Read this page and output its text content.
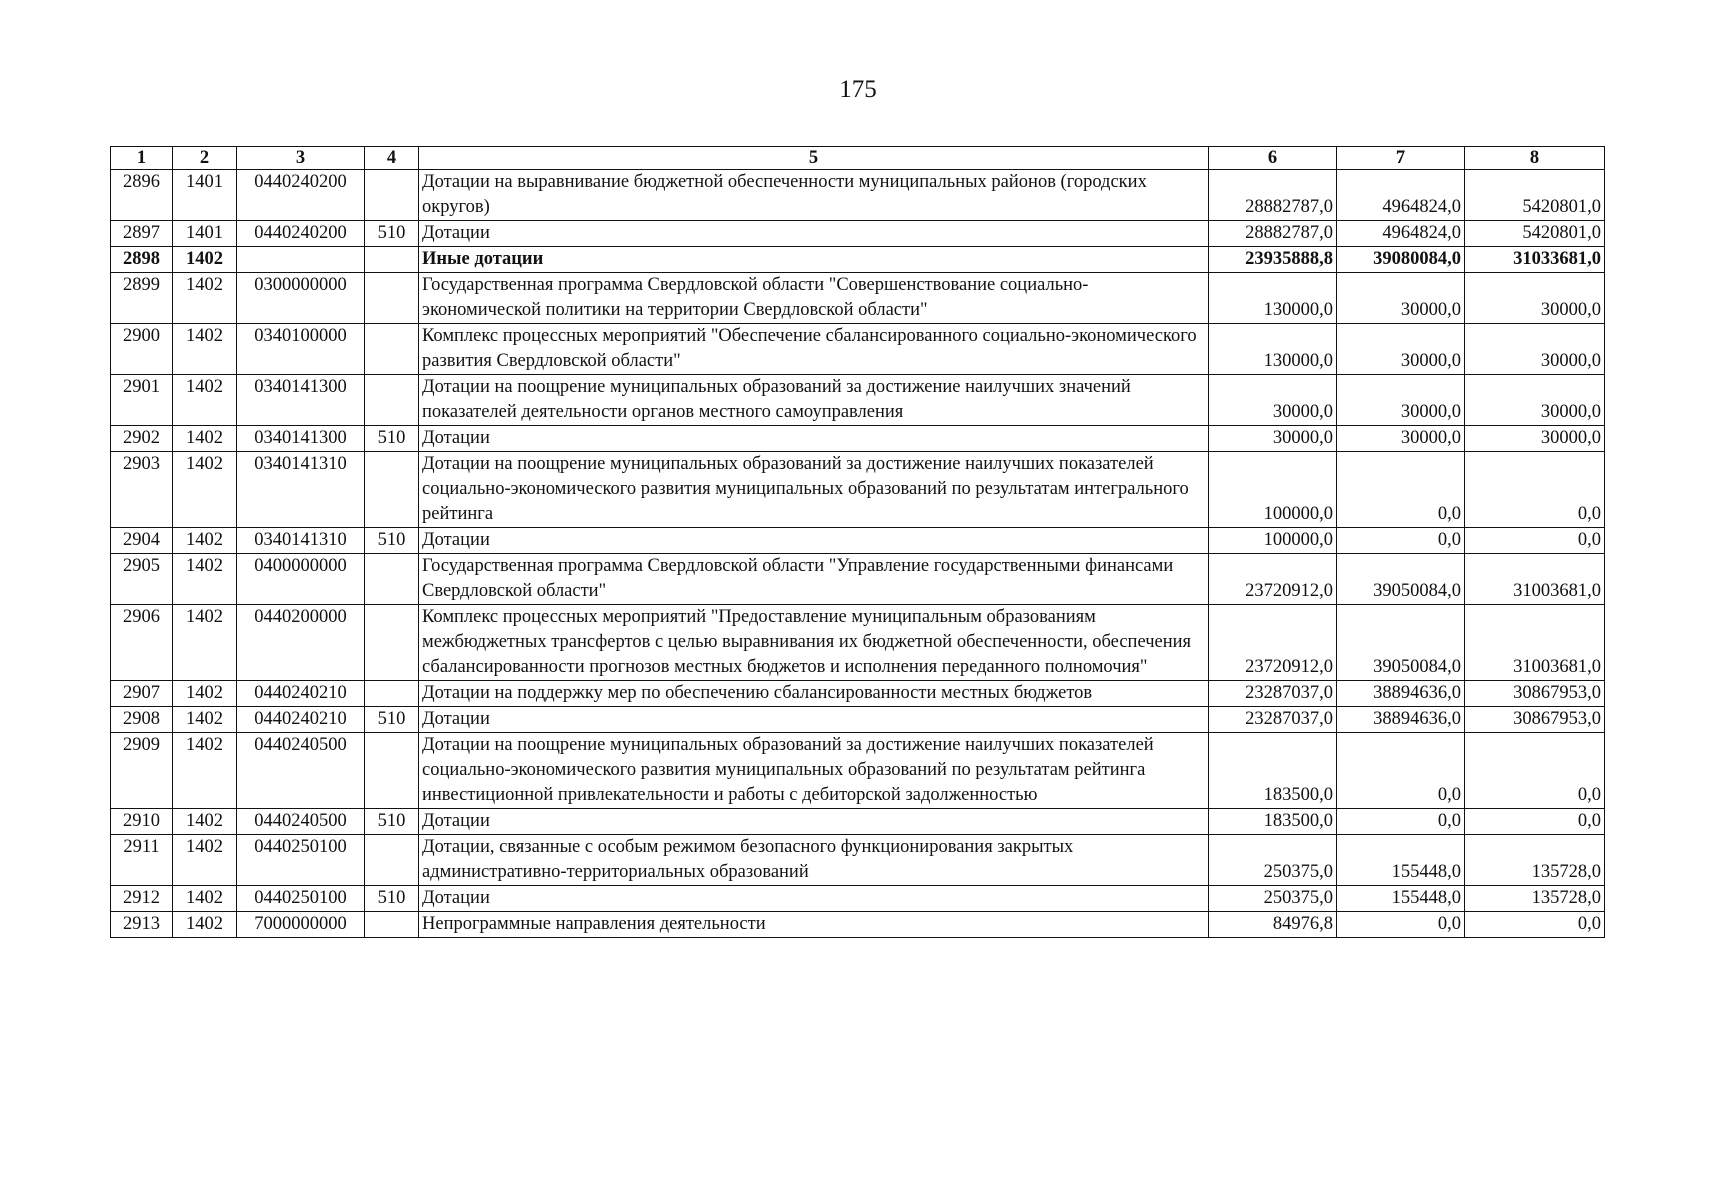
175
1	2	3	4	5	6	7	8
2896	1401	0440240200		Дотации на выравнивание бюджетной обеспеченности муниципальных районов (городских округов)	28882787,0	4964824,0	5420801,0
2897	1401	0440240200	510	Дотации	28882787,0	4964824,0	5420801,0
2898	1402			Иные дотации	23935888,8	39080084,0	31033681,0
2899	1402	0300000000		Государственная программа Свердловской области "Совершенствование социально-экономической политики на территории Свердловской области"	130000,0	30000,0	30000,0
2900	1402	0340100000		Комплекс процессных мероприятий "Обеспечение сбалансированного социально-экономического развития Свердловской области"	130000,0	30000,0	30000,0
2901	1402	0340141300		Дотации на поощрение муниципальных образований за достижение наилучших значений показателей деятельности органов местного самоуправления	30000,0	30000,0	30000,0
2902	1402	0340141300	510	Дотации	30000,0	30000,0	30000,0
2903	1402	0340141310		Дотации на поощрение муниципальных образований за достижение наилучших показателей социально-экономического развития муниципальных образований по результатам интегрального рейтинга	100000,0	0,0	0,0
2904	1402	0340141310	510	Дотации	100000,0	0,0	0,0
2905	1402	0400000000		Государственная программа Свердловской области "Управление государственными финансами Свердловской области"	23720912,0	39050084,0	31003681,0
2906	1402	0440200000		Комплекс процессных мероприятий "Предоставление муниципальным образованиям межбюджетных трансфертов с целью выравнивания их бюджетной обеспеченности, обеспечения сбалансированности прогнозов местных бюджетов и исполнения переданного полномочия"	23720912,0	39050084,0	31003681,0
2907	1402	0440240210		Дотации на поддержку мер по обеспечению сбалансированности местных бюджетов	23287037,0	38894636,0	30867953,0
2908	1402	0440240210	510	Дотации	23287037,0	38894636,0	30867953,0
2909	1402	0440240500		Дотации на поощрение муниципальных образований за достижение наилучших показателей социально-экономического развития муниципальных образований по результатам рейтинга инвестиционной привлекательности и работы с дебиторской задолженностью	183500,0	0,0	0,0
2910	1402	0440240500	510	Дотации	183500,0	0,0	0,0
2911	1402	0440250100		Дотации, связанные с особым режимом безопасного функционирования закрытых административно-территориальных образований	250375,0	155448,0	135728,0
2912	1402	0440250100	510	Дотации	250375,0	155448,0	135728,0
2913	1402	7000000000		Непрограммные направления деятельности	84976,8	0,0	0,0
